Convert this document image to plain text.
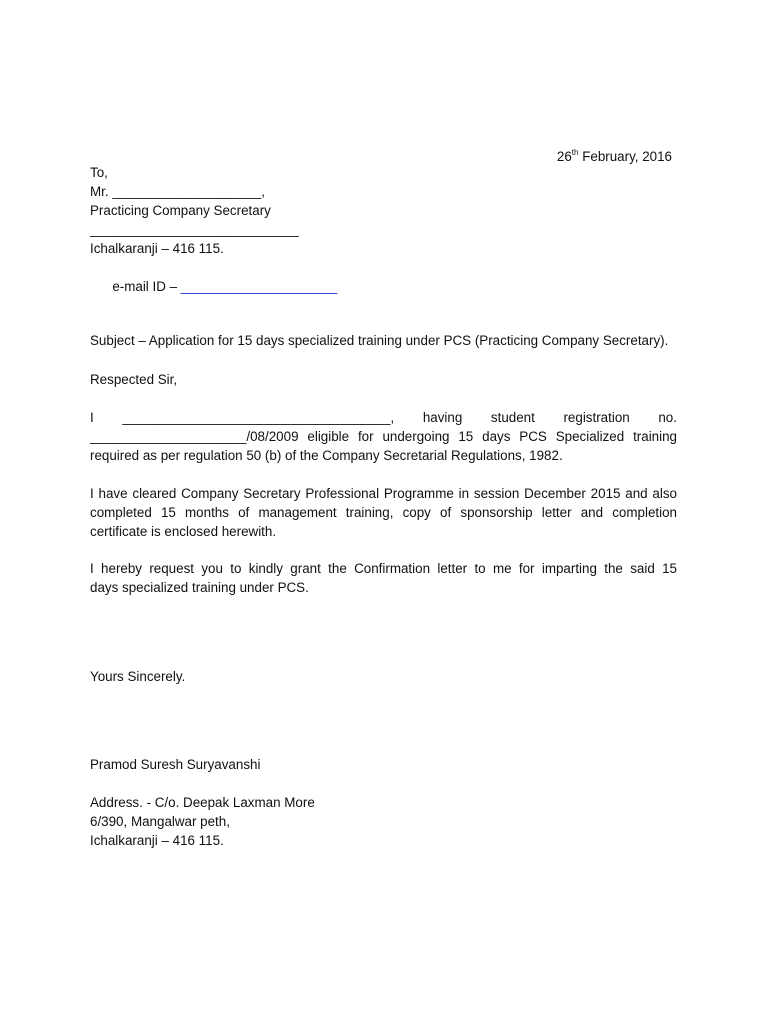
26th February, 2016

To,
Mr. ____________________,
Practicing Company Secretary
____________________________
Ichalkaranji – 416 115.

e-mail ID – _____________________

Subject – Application for 15 days specialized training under PCS (Practicing Company Secretary).
Respected Sir,
I ____________________________________, having student registration no.
_____________________/08/2009 eligible for undergoing 15 days PCS Specialized training
required as per regulation 50 (b) of the Company Secretarial Regulations, 1982.
I have cleared Company Secretary Professional Programme in session December 2015 and also
completed 15 months of management training, copy of sponsorship letter and completion
certificate is enclosed herewith.
I hereby request you to kindly grant the Confirmation letter to me for imparting the said 15
days specialized training under PCS.
Yours Sincerely.
Pramod Suresh Suryavanshi
Address. - C/o. Deepak Laxman More
6/390, Mangalwar peth,
Ichalkaranji – 416 115.
